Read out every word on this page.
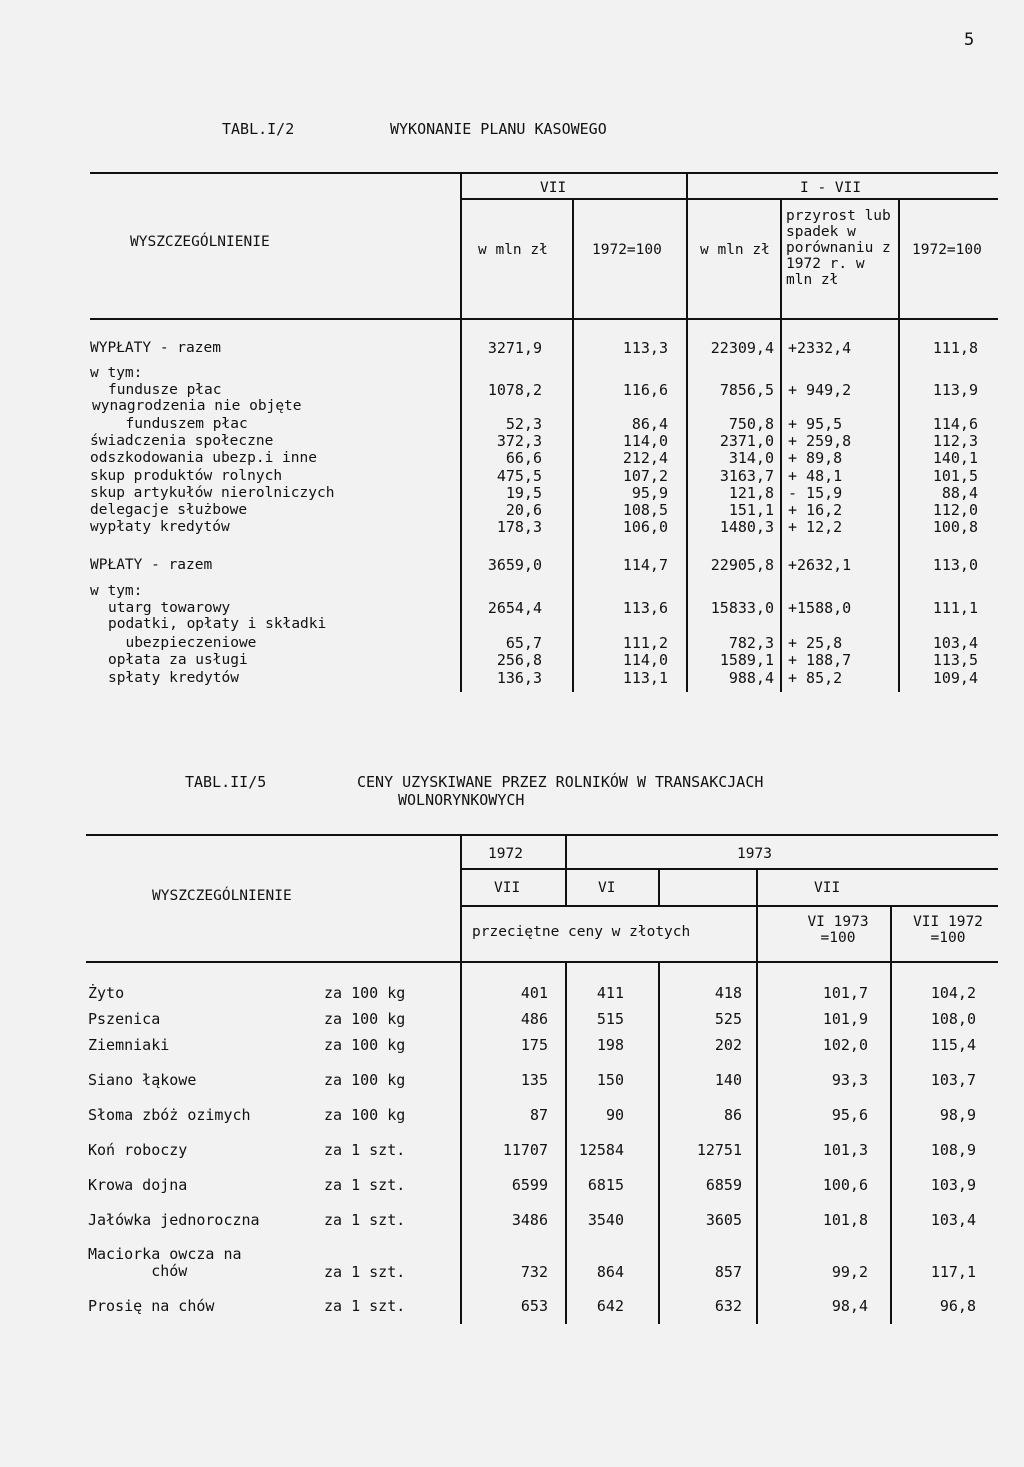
5
TABL.I/2	WYKONANIE PLANU KASOWEGO
WYSZCZEGÓLNIENIE
VII	I - VII
w mln zł	1972=100	w mln zł
przyrost lub spadek w porównaniu z 1972 r. w mln zł
1972=100
WYPŁATY - razem	3271,9	113,3	22309,4 +2332,4	111,8
w tym:
fundusze płac	1078,2	116,6	7856,5 + 949,2	113,9
wynagrodzenia nie objęte
funduszem płac	52,3	86,4	750,8 + 95,5	114,6
świadczenia społeczne	372,3	114,0	2371,0 + 259,8	112,3
odszkodowania ubezp.i inne	66,6	212,4	314,0 + 89,8	140,1
skup produktów rolnych	475,5	107,2	3163,7 + 48,1	101,5
skup artykułów nierolniczych	19,5	95,9	121,8 - 15,9	88,4
delegacje służbowe	20,6	108,5	151,1 + 16,2	112,0
wypłaty kredytów	178,3	106,0	1480,3 + 12,2	100,8
WPŁATY - razem	3659,0	114,7	22905,8 +2632,1	113,0
w tym:
utarg towarowy	2654,4	113,6	15833,0 +1588,0	111,1
podatki, opłaty i składki
ubezpieczeniowe	65,7	111,2	782,3 + 25,8	103,4
opłata za usługi	256,8	114,0	1589,1 + 188,7	113,5
spłaty kredytów	136,3	113,1	988,4 + 85,2	109,4
TABL.II/5	CENY UZYSKIWANE PRZEZ ROLNIKÓW W TRANSAKCJACH
WOLNORYNKOWYCH
WYSZCZEGÓLNIENIE
1972	1973
VII	VI	VII
przeciętne ceny w złotych
VI 1973 =100
VII 1972 =100
Żyto	za 100 kg	401	411	418	101,7	104,2
Pszenica	za 100 kg	486	515	525	101,9	108,0
Ziemniaki	za 100 kg	175	198	202	102,0	115,4
Siano łąkowe	za 100 kg	135	150	140	93,3	103,7
Słoma zbóż ozimych	za 100 kg	87	90	86	95,6	98,9
Koń roboczy	za 1 szt.	11707	12584	12751	101,3	108,9
Krowa dojna	za 1 szt.	6599	6815	6859	100,6	103,9
Jałówka jednoroczna	za 1 szt.	3486	3540	3605	101,8	103,4
Maciorka owcza na
chów	za 1 szt.	732	864	857	99,2	117,1
Prosię na chów	za 1 szt.	653	642	632	98,4	96,8
